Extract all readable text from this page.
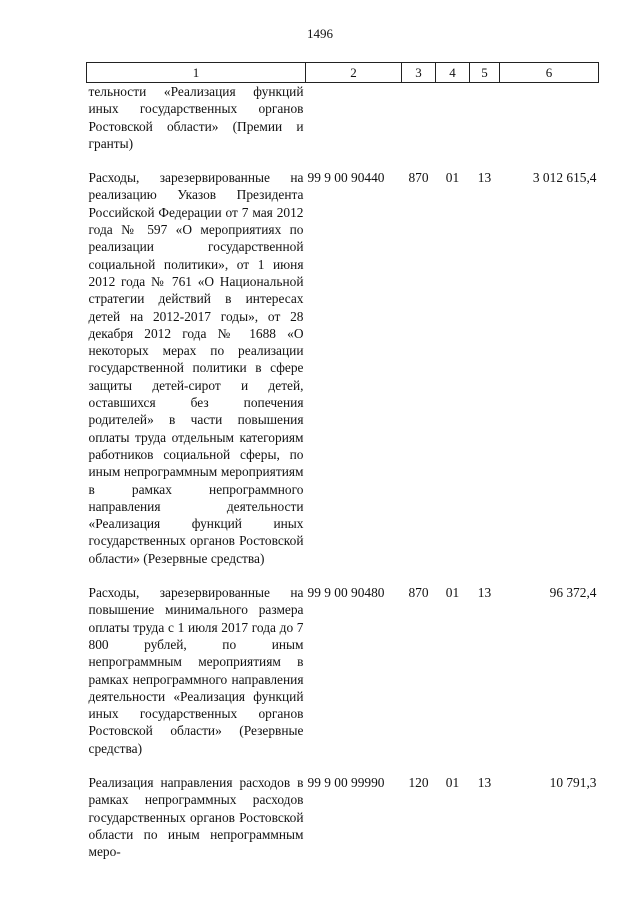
1496
1	2	3	4	5	6
тельности «Реализация функций иных государственных органов Ростовской области» (Премии и гранты)					
Расходы, зарезервированные на реализацию Указов Президента Российской Федерации от 7 мая 2012 года № 597 «О мероприятиях по реализации государственной социальной политики», от 1 июня 2012 года № 761 «О Национальной стратегии действий в интересах детей на 2012-2017 годы», от 28 декабря 2012 года № 1688 «О некоторых мерах по реализации государственной политики в сфере защиты детей-сирот и детей, оставшихся без попечения родителей» в части повышения оплаты труда отдельным категориям работников социальной сферы, по иным непрограммным мероприятиям в рамках непрограммного направления деятельности «Реализация функций иных государственных органов Ростовской области» (Резервные средства)	99 9 00 90440	870	01	13	3 012 615,4
Расходы, зарезервированные на повышение минимального размера оплаты труда с 1 июля 2017 года до 7 800 рублей, по иным непрограммным мероприятиям в рамках непрограммного направления деятельности «Реализация функций иных государственных органов Ростовской области» (Резервные средства)	99 9 00 90480	870	01	13	96 372,4
Реализация направления расходов в рамках непрограммных расходов государственных органов Ростовской области по иным непрограммным меро-	99 9 00 99990	120	01	13	10 791,3
